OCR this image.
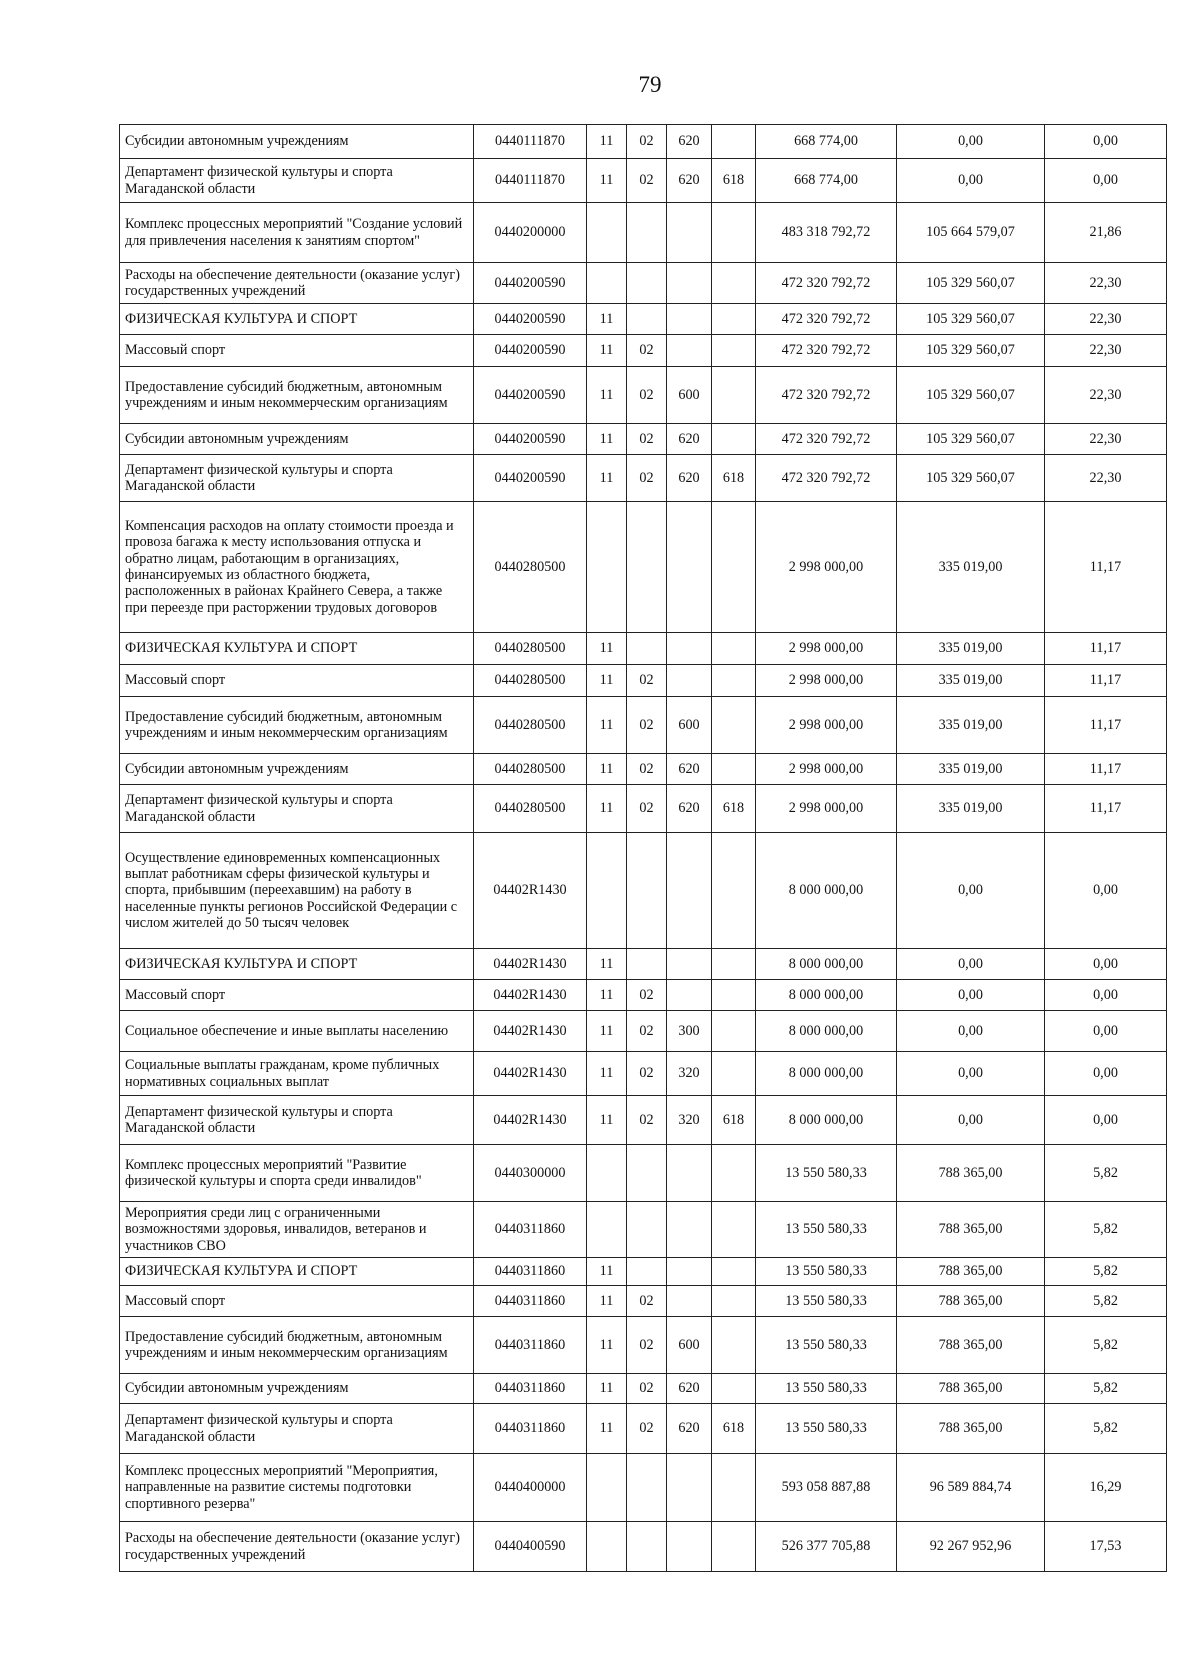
79
Субсидии автономным учреждениям	0440111870	11	02	620		668 774,00	0,00	0,00
Департамент физической культуры и спорта Магаданской области	0440111870	11	02	620	618	668 774,00	0,00	0,00
Комплекс процессных мероприятий "Создание условий для привлечения населения к занятиям спортом"	0440200000					483 318 792,72	105 664 579,07	21,86
Расходы на обеспечение деятельности (оказание услуг) государственных учреждений	0440200590					472 320 792,72	105 329 560,07	22,30
ФИЗИЧЕСКАЯ КУЛЬТУРА И СПОРТ	0440200590	11				472 320 792,72	105 329 560,07	22,30
Массовый спорт	0440200590	11	02			472 320 792,72	105 329 560,07	22,30
Предоставление субсидий бюджетным, автономным учреждениям и иным некоммерческим организациям	0440200590	11	02	600		472 320 792,72	105 329 560,07	22,30
Субсидии автономным учреждениям	0440200590	11	02	620		472 320 792,72	105 329 560,07	22,30
Департамент физической культуры и спорта Магаданской области	0440200590	11	02	620	618	472 320 792,72	105 329 560,07	22,30
Компенсация расходов на оплату стоимости проезда и провоза багажа к месту использования отпуска и обратно лицам, работающим в организациях, финансируемых из областного бюджета, расположенных в районах Крайнего Севера, а также при переезде при расторжении трудовых договоров	0440280500					2 998 000,00	335 019,00	11,17
ФИЗИЧЕСКАЯ КУЛЬТУРА И СПОРТ	0440280500	11				2 998 000,00	335 019,00	11,17
Массовый спорт	0440280500	11	02			2 998 000,00	335 019,00	11,17
Предоставление субсидий бюджетным, автономным учреждениям и иным некоммерческим организациям	0440280500	11	02	600		2 998 000,00	335 019,00	11,17
Субсидии автономным учреждениям	0440280500	11	02	620		2 998 000,00	335 019,00	11,17
Департамент физической культуры и спорта Магаданской области	0440280500	11	02	620	618	2 998 000,00	335 019,00	11,17
Осуществление единовременных компенсационных выплат работникам сферы физической культуры и спорта, прибывшим (переехавшим) на работу в населенные пункты регионов Российской Федерации с числом жителей до 50 тысяч человек	04402R1430					8 000 000,00	0,00	0,00
ФИЗИЧЕСКАЯ КУЛЬТУРА И СПОРТ	04402R1430	11				8 000 000,00	0,00	0,00
Массовый спорт	04402R1430	11	02			8 000 000,00	0,00	0,00
Социальное обеспечение и иные выплаты населению	04402R1430	11	02	300		8 000 000,00	0,00	0,00
Социальные выплаты гражданам, кроме публичных нормативных социальных выплат	04402R1430	11	02	320		8 000 000,00	0,00	0,00
Департамент физической культуры и спорта Магаданской области	04402R1430	11	02	320	618	8 000 000,00	0,00	0,00
Комплекс процессных мероприятий "Развитие физической культуры и спорта среди инвалидов"	0440300000					13 550 580,33	788 365,00	5,82
Мероприятия среди лиц с ограниченными возможностями здоровья, инвалидов, ветеранов и участников СВО	0440311860					13 550 580,33	788 365,00	5,82
ФИЗИЧЕСКАЯ КУЛЬТУРА И СПОРТ	0440311860	11				13 550 580,33	788 365,00	5,82
Массовый спорт	0440311860	11	02			13 550 580,33	788 365,00	5,82
Предоставление субсидий бюджетным, автономным учреждениям и иным некоммерческим организациям	0440311860	11	02	600		13 550 580,33	788 365,00	5,82
Субсидии автономным учреждениям	0440311860	11	02	620		13 550 580,33	788 365,00	5,82
Департамент физической культуры и спорта Магаданской области	0440311860	11	02	620	618	13 550 580,33	788 365,00	5,82
Комплекс процессных мероприятий "Мероприятия, направленные на развитие системы подготовки спортивного резерва"	0440400000					593 058 887,88	96 589 884,74	16,29
Расходы на обеспечение деятельности (оказание услуг) государственных учреждений	0440400590					526 377 705,88	92 267 952,96	17,53
